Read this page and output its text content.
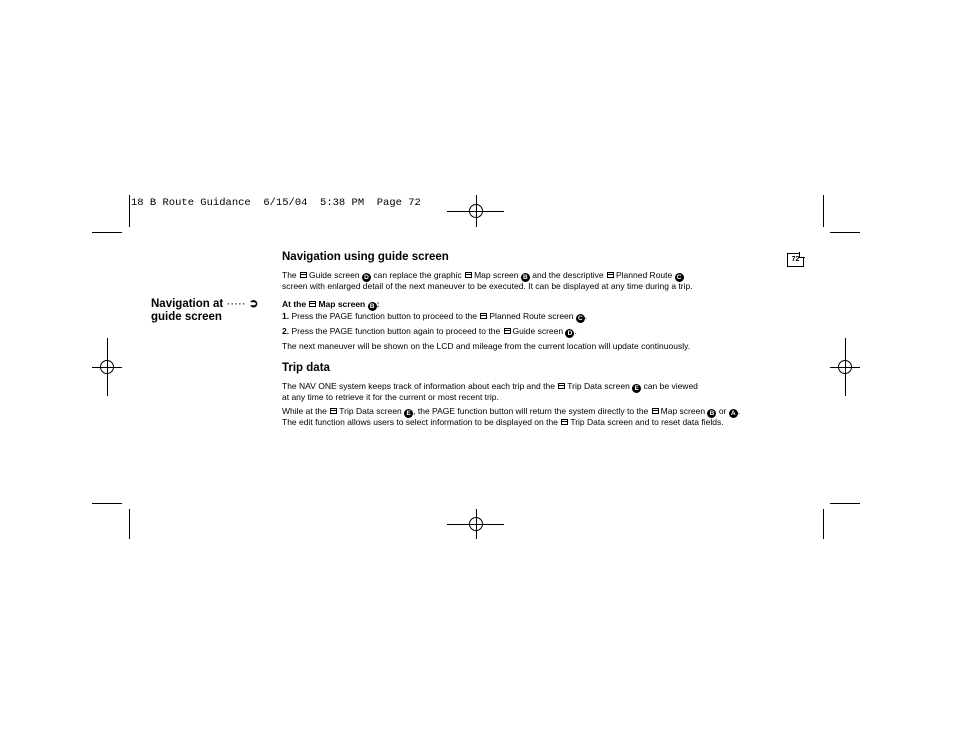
18 B Route Guidance  6/15/04  5:38 PM  Page 72
72
Navigation using guide screen
The Guide screen D can replace the graphic Map screen B and the descriptive Planned Route C
screen with enlarged detail of the next maneuver to be executed. It can be displayed at any time during a trip.
Navigation at ····· ➲
guide screen
At the Map screen B :
1. Press the PAGE function button to proceed to the Planned Route screen C .
2. Press the PAGE function button again to proceed to the Guide screen D .
The next maneuver will be shown on the LCD and mileage from the current location will update continuously.
Trip data
The NAV ONE system keeps track of information about each trip and the Trip Data screen E can be viewed
at any time to retrieve it for the current or most recent trip.
While at the Trip Data screen E , the PAGE function button will return the system directly to the Map screen B or A .
The edit function allows users to select information to be displayed on the Trip Data screen and to reset data fields.
